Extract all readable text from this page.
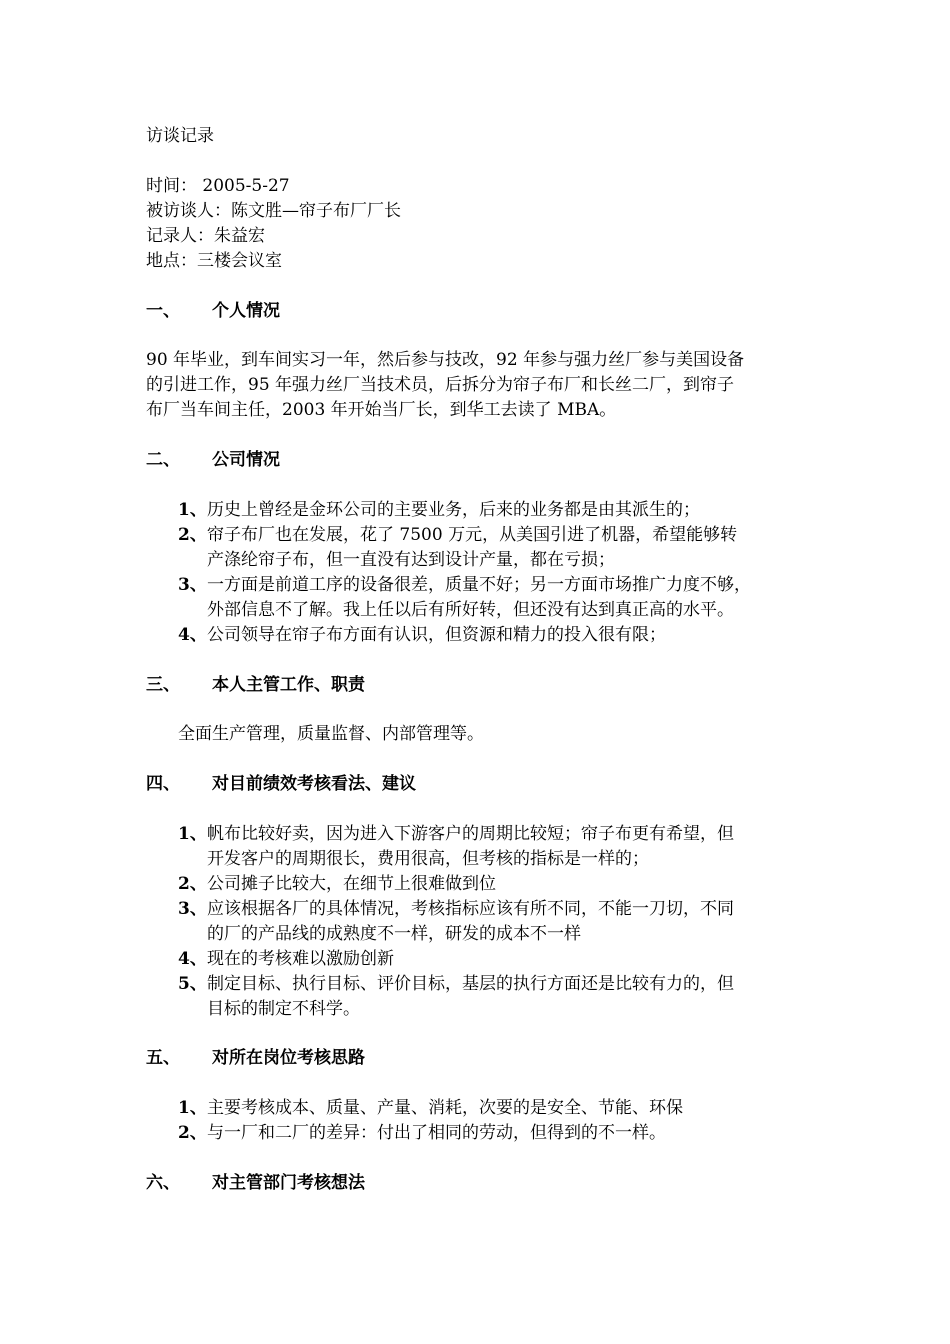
访谈记录
时间： 2005-5-27
被访谈人：陈文胜—帘子布厂厂长
记录人：朱益宏
地点：三楼会议室
一、 个人情况
90 年毕业，到车间实习一年，然后参与技改，92 年参与强力丝厂参与美国设备
的引进工作，95 年强力丝厂当技术员，后拆分为帘子布厂和长丝二厂，到帘子
布厂当车间主任，2003 年开始当厂长，到华工去读了 MBA。
二、 公司情况
1、历史上曾经是金环公司的主要业务，后来的业务都是由其派生的；
2、帘子布厂也在发展，花了 7500 万元，从美国引进了机器，希望能够转
产涤纶帘子布，但一直没有达到设计产量，都在亏损；
3、一方面是前道工序的设备很差，质量不好；另一方面市场推广力度不够，
外部信息不了解。我上任以后有所好转，但还没有达到真正高的水平。
4、公司领导在帘子布方面有认识，但资源和精力的投入很有限；
三、 本人主管工作、职责
全面生产管理，质量监督、内部管理等。
四、 对目前绩效考核看法、建议
1、帆布比较好卖，因为进入下游客户的周期比较短；帘子布更有希望，但
开发客户的周期很长，费用很高，但考核的指标是一样的；
2、公司摊子比较大，在细节上很难做到位
3、应该根据各厂的具体情况，考核指标应该有所不同，不能一刀切，不同
的厂的产品线的成熟度不一样，研发的成本不一样
4、现在的考核难以激励创新
5、制定目标、执行目标、评价目标，基层的执行方面还是比较有力的，但
目标的制定不科学。
五、 对所在岗位考核思路
1、主要考核成本、质量、产量、消耗，次要的是安全、节能、环保
2、与一厂和二厂的差异：付出了相同的劳动，但得到的不一样。
六、 对主管部门考核想法
